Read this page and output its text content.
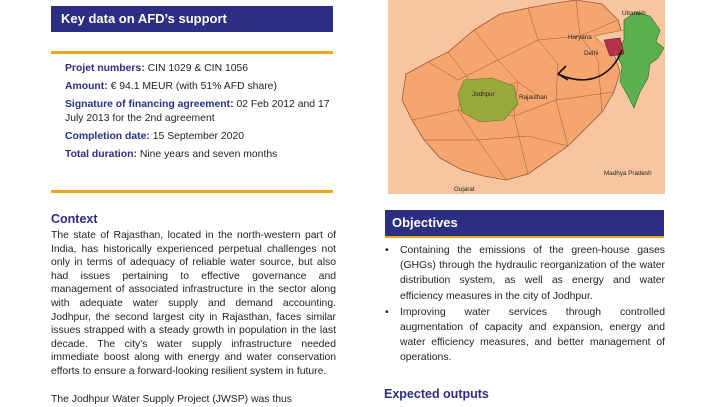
Key data on AFD’s support
Projet numbers: CIN 1029 & CIN 1056
Amount: € 94.1 MEUR (with 51% AFD share)
Signature of financing agreement: 02 Feb 2012 and 17 July 2013 for the 2nd agreement
Completion date: 15 September 2020
Total duration: Nine years and seven months
Context
The state of Rajasthan, located in the north-western part of India, has historically experienced perpetual challenges not only in terms of adequacy of reliable water source, but also had issues pertaining to effective governance and management of associated infrastructure in the sector along with adequate water supply and demand accounting. Jodhpur, the second largest city in Rajasthan, faces similar issues strapped with a steady growth in population in the last decade. The city’s water supply infrastructure needed immediate boost along with energy and water conservation efforts to ensure a forward-looking resilient system in future.
The Jodhpur Water Supply Project (JWSP) was thus
Uttarakh
Haryana
Delhi
Jodhpur	Rajasthan
Madhya Pradesh
Gujarat
Objectives
• Containing the emissions of the green-house gases (GHGs) through the hydraulic reorganization of the water distribution system, as well as energy and water efficiency measures in the city of Jodhpur.
• Improving water services through controlled augmentation of capacity and expansion, energy and water efficiency measures, and better management of operations.
Expected outputs
